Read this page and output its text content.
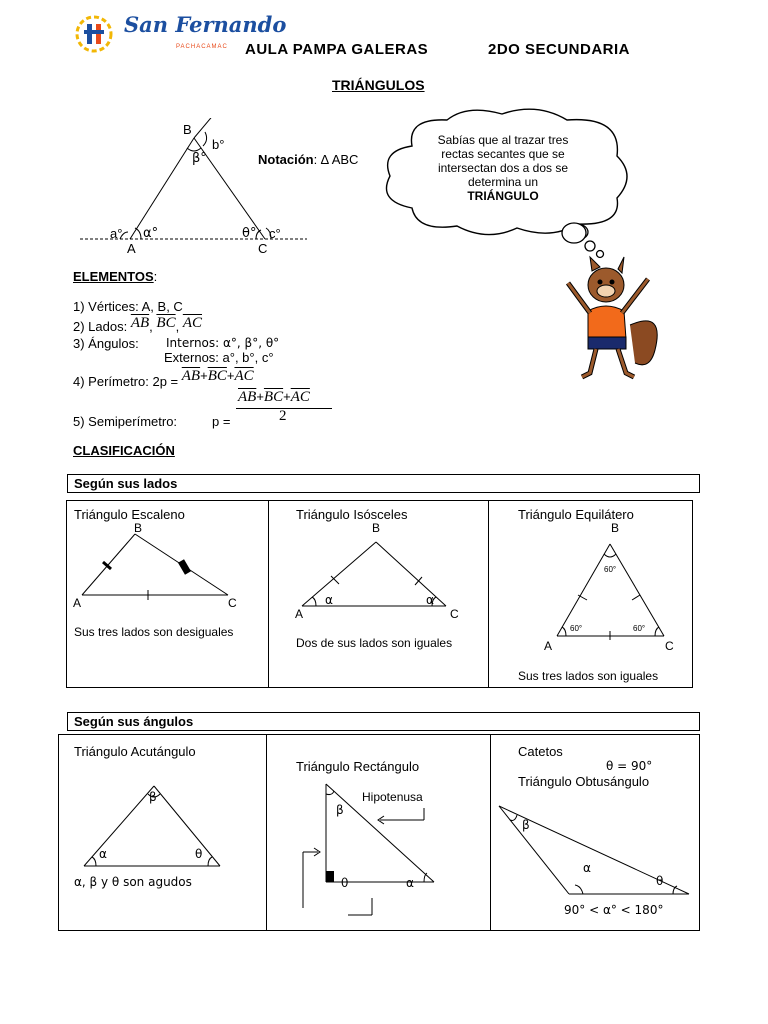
San Fernando
PACHACAMAC AULA PAMPA GALERAS	2DO SECUNDARIA
TRIÁNGULOS
B
b°
β°
a° α°	θ° c°
A	C
Notación: ∆ ABC
Sabías que al trazar tres
rectas secantes que se
intersectan dos a dos se
determina un
TRIÁNGULO
ELEMENTOS:
1) Vértices: A, B, C
2) Lados: $\overline{AB}$, $\overline{BC}$, $\overline{AC}$
3) Ángulos: Internos: α°, β°, θ°
Externos: a°, b°, c°
4) Perímetro: $2p = \overline{AB}+\overline{BC}+\overline{AC}$
$\overline{AB}+\overline{BC}+\overline{AC}$
2
5) Semiperímetro:	p =
CLASIFICACIÓN
Según sus lados
Triángulo Escaleno
B
A	C
Sus tres lados son desiguales
Triángulo Isósceles
B
α	α
A	C
Dos de sus lados son iguales
Triángulo Equilátero
B
60°
60°	60°
A	C
Sus tres lados son iguales
Según sus ángulos
Triángulo Acutángulo
β
α	θ
α, β y θ son agudos
Triángulo Rectángulo
Hipotenusa
β
θ	α
Catetos
θ = 90°
Triángulo Obtusángulo
β
α
θ
90° < α° < 180°
